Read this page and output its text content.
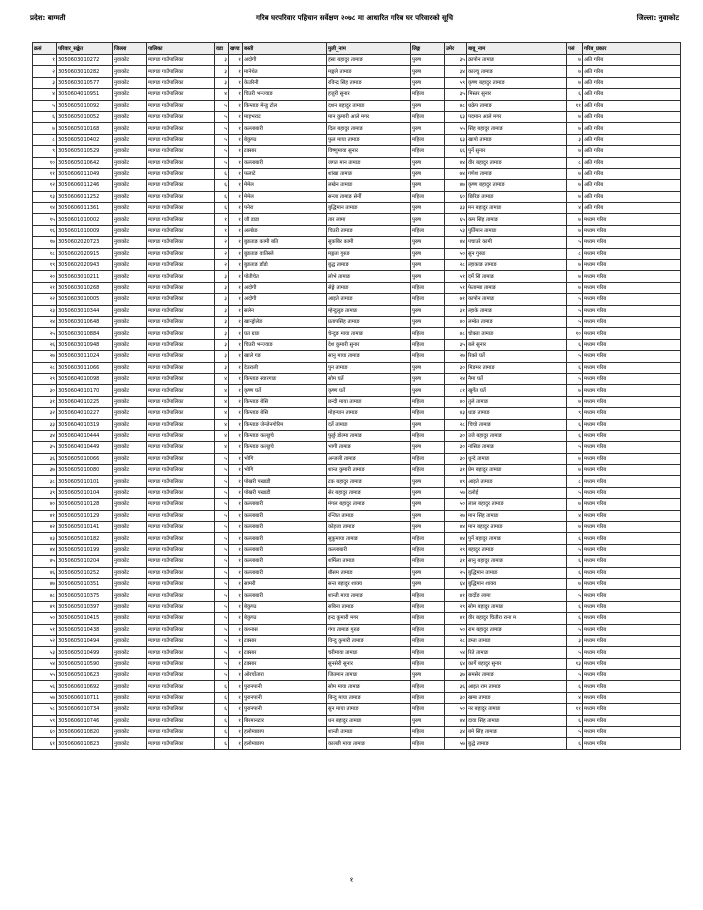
प्रदेश: बाग्मती	गरिब घरपरिवार पहिचान सर्वेक्षण २०७८ मा आधारित गरिब घर परिवारको सूचि	जिल्ला: नुवाकोट
क्रसं	परिवार_सङ्केत	जिल्ला	पालिका	वडा	खण्ड	बस्ती	मुली_नाम	लिङ्ग	उमेर	बाबु_नाम	पसं	गरिब_प्रकार
१	3050603010272	नुवाकोट	म्यागङ गाउँपालिका	३	१	अदोगी	हंसा बहादुर तामाङ	पुरुष	३५	क्रापोन तामाङ	७	अति गरिब
२	3050603010282	नुवाकोट	म्यागङ गाउँपालिका	३	१	मानेथेत	मङ्गले तामाङ	पुरुष	३४	काल्चु तामाङ	७	अति गरिब
३	3050603010577	नुवाकोट	म्यागङ गाउँपालिका	३	१	केउरिनी	रविन्द्र सिंह तामाङ	पुरुष	५९	कृष्ण बहादुर तामाङ	७	अति गरिब
४	3050604010951	नुवाकोट	म्यागङ गाउँपालिका	४	१	चिउरी भन्ज्याङ	हजुरी सुनार	महिला	३५	मिस्तर सुनार	६	अति गरिब
५	3050605010092	नुवाकोट	म्यागङ गाउँपालिका	५	१	किम्ताङ मेन्डु टोल	दशन बहादुर तामाङ	पुरुष	४८	धक्रेप तामाङ	११	अति गरिब
६	3050605010052	नुवाकोट	म्यागङ गाउँपालिका	५	१	माइभराट	मान कुमारी आले मगर	महिला	६३	पदमान आले मगर	७	अति गरिब
७	3050605010168	नुवाकोट	म्यागङ गाउँपालिका	५	१	कल्लाबारी	दिल बहादुर तामाङ	पुरुष	५५	सिंह बहादुर तामाङ	७	अति गरिब
८	3050605010402	नुवाकोट	म्यागङ गाउँपालिका	५	१	बेकुण्ठ	फुल माया तामाङ	महिला	६३	खापो तामाङ	३	अति गरिब
९	3050605010529	नुवाकोट	म्यागङ गाउँपालिका	५	१	टक्सार	विष्णुमाया सुनार	महिला	६६	पुर्ने सुनार	७	अति गरिब
१०	3050605010642	नुवाकोट	म्यागङ गाउँपालिका	५	१	कल्लाबारी	जगत मान तामाङ	पुरुष	४४	वीर बहादुर तामाङ	८	अति गरिब
११	3050606011049	नुवाकोट	म्यागङ गाउँपालिका	६	१	फलाटे	शांखा तामाङ	पुरुष	७४	गणेश तामाङ	७	अति गरिब
१२	3050606011246	नुवाकोट	म्यागङ गाउँपालिका	६	१	मेमेल	लखेन तामाङ	पुरुष	४७	कृष्ण बहादुर तामाङ	७	अति गरिब
१३	3050606011252	नुवाकोट	म्यागङ गाउँपालिका	६	१	मेमेल	सन्जा तामाङ सेर्नी	महिला	६०	छिरिङ तामाङ	७	अति गरिब
१४	3050606011361	नुवाकोट	म्यागङ गाउँपालिका	६	१	पनेरा	बुद्धिमान तामाङ	पुरुष	३३	मन बहादुर तामाङ	४	अति गरिब
१५	3050601010002	नुवाकोट	म्यागङ गाउँपालिका	१	१	जौ डाडा	तार लामा	पुरुष	६५	कम सिंह तामाङ	७	मध्यम गरिब
१६	3050601010009	नुवाकोट	म्यागङ गाउँपालिका	१	१	अल्छेङ	चिउरी तामाङ	महिला	५३	पुर्तिमान तामाङ	७	मध्यम गरिब
१७	3050602020723	नुवाकोट	म्यागङ गाउँपालिका	२	१	बुङताङ कामी बति	सुकबिर कामी	पुरुष	४४	पचाउरे कामी	५	मध्यम गरिब
१८	3050602020915	नुवाकोट	म्यागङ गाउँपालिका	२	१	बुङताङ वातिस्ले	मङ्गता गुरुङ	पुरुष	५०	सुन गुरुङ	८	मध्यम गरिब
१९	3050602020943	नुवाकोट	म्यागङ गाउँपालिका	२	१	बुङताङ डाँडो	बुद्ध तामाङ	पुरुष	२८	ल्हाकाङ तामाङ	७	मध्यम गरिब
२०	3050603010211	नुवाकोट	म्यागङ गाउँपालिका	३	१	पोतीचेत	लोभे तामाङ	पुरुष	५१	दर्मे सिं तामाङ	७	मध्यम गरिब
२१	3050603010268	नुवाकोट	म्यागङ गाउँपालिका	३	१	अदोगी	सेङ्गे तामाङ	महिला	५१	फेताम्बा तामाङ	७	मध्यम गरिब
२२	3050603010005	नुवाकोट	म्यागङ गाउँपालिका	३	१	अदोगी	आइते तामाङ	महिला	७१	कापोन तामाङ	५	मध्यम गरिब
२३	3050603010344	नुवाकोट	म्यागङ गाउँपालिका	३	१	सलेन	म्हेन्दुलुङ तामाङ	पुरुष	३१	ल्हाके तामाङ	५	मध्यम गरिब
२४	3050603010648	नुवाकोट	म्यागङ गाउँपालिका	३	१	खान्ड्रोलेङ	प्रतापसिंह तामाङ	पुरुष	४०	लम्बेत तामाङ	५	मध्यम गरिब
२५	3050603010884	नुवाकोट	म्यागङ गाउँपालिका	३	१	घत ग्राङ	चेन्दुङ माया तामाङ	महिला	४८	चोक्ता तामाङ	१०	मध्यम गरिब
२६	3050603010948	नुवाकोट	म्यागङ गाउँपालिका	३	१	चिउरी भन्ज्याङ	देश कुमारी सुनार	महिला	३५	बले सुनार	६	मध्यम गरिब
२७	3050603011024	नुवाकोट	म्यागङ गाउँपालिका	३	१	खाले गङ	सानु माया तामाङ	महिला	२७	रिक्ते घर्ते	५	मध्यम गरिब
२८	3050603011066	नुवाकोट	म्यागङ गाउँपालिका	३	१	देउराली	पुन तामाङ	पुरुष	३०	मिङमर तामाङ	६	मध्यम गरिब
२९	3050604010098	नुवाकोट	म्यागङ गाउँपालिका	४	१	किम्ताङ स्वारगाङ	सोम घर्ते	पुरुष	२४	नैमा घर्ते	५	मध्यम गरिब
३०	3050604010170	नुवाकोट	म्यागङ गाउँपालिका	४	१	कृष्ण घर्ते	कृष्ण घर्ते	पुरुष	८१	खुर्गेत घर्ते	७	मध्यम गरिब
३१	3050604010225	नुवाकोट	म्यागङ गाउँपालिका	४	१	किम्ताङ बेसि	छन्दी माया तामाङ	महिला	४०	तुले तामाङ	७	मध्यम गरिब
३२	3050604010227	नुवाकोट	म्यागङ गाउँपालिका	४	१	किम्ताङ बेसि	मोहन्यान तामाङ	महिला	४३	धाङ तामाङ	९	मध्यम गरिब
३३	3050604010319	नुवाकोट	म्यागङ गाउँपालिका	४	१	किम्ताङ जेन्जेनगोरिम	दर्ते तामाङ	पुरुष	२८	चिचो तामाङ	६	मध्यम गरिब
३४	3050604010444	नुवाकोट	म्यागङ गाउँपालिका	४	१	किम्ताङ कल्छुचे	फुर्छु डोल्मा तामाङ	महिला	३०	उजे बहादुर तामाङ	६	मध्यम गरिब
३५	3050604010449	नुवाकोट	म्यागङ गाउँपालिका	४	१	किम्ताङ कल्छुचे	भागी तामाङ	पुरुष	३०	नांसिङ तामाङ	५	मध्यम गरिब
३६	3050605010066	नुवाकोट	म्यागङ गाउँपालिका	५	१	भोगि	अन्जली तामाङ	महिला	३०	धुन्दे तामाङ	७	मध्यम गरिब
३७	3050605010080	नुवाकोट	म्यागङ गाउँपालिका	५	१	भोगि	शान्त कुमारी तामाङ	महिला	३१	प्रेम बहादुर तामाङ	७	मध्यम गरिब
३८	3050605010101	नुवाकोट	म्यागङ गाउँपालिका	५	१	पोखरी पखाडी	टक बहादुर तामाङ	पुरुष	४९	आइते तामाङ	८	मध्यम गरिब
३९	3050605010104	नुवाकोट	म्यागङ गाउँपालिका	५	१	पोखरी पखाडी	सेर बहादुर तामाङ	पुरुष	५७	दलोई	५	मध्यम गरिब
४०	3050605010128	नुवाकोट	म्यागङ गाउँपालिका	५	१	कल्लाबारी	मंगल बहादुर तामाङ	पुरुष	५०	लाल बहादुर तामाङ	७	मध्यम गरिब
४१	3050605010129	नुवाकोट	म्यागङ गाउँपालिका	५	१	कल्लाबारी	रन्जित तामाङ	पुरुष	२७	मान सिंह तामाङ	४	मध्यम गरिब
४२	3050605010141	नुवाकोट	म्यागङ गाउँपालिका	५	१	कल्लाबारी	कोइजा तामाङ	पुरुष	४४	मान बहादुर तामाङ	७	मध्यम गरिब
४३	3050605010182	नुवाकोट	म्यागङ गाउँपालिका	५	१	कल्लाबारी	सुकुमाया तामाङ	महिला	४४	पुर्ने बहादुर तामाङ	६	मध्यम गरिब
४४	3050605010199	नुवाकोट	म्यागङ गाउँपालिका	५	१	कल्लाबारी	कल्लाबारी	महिला	२९	बहादुर तामाङ	५	मध्यम गरिब
४५	3050605010204	नुवाकोट	म्यागङ गाउँपालिका	५	१	कल्लाबारी	शर्मिला तामाङ	महिला	३१	सानु बहादुर तामाङ	६	मध्यम गरिब
४६	3050605010252	नुवाकोट	म्यागङ गाउँपालिका	५	१	कल्लाबारी	बौसम तामाङ	पुरुष	२५	बुद्धिमान तामाङ	६	मध्यम गरिब
४७	3050605010351	नुवाकोट	म्यागङ गाउँपालिका	५	१	सामरी	सन्त बहादुर शाक्य	पुरुष	६४	बुद्धिमान शाक्य	७	मध्यम गरिब
४८	3050605010375	नुवाकोट	म्यागङ गाउँपालिका	५	१	कल्लाबारी	शान्ती माया तामाङ	महिला	४१	वार्दोङ लामा	५	मध्यम गरिब
४९	3050605010397	नुवाकोट	म्यागङ गाउँपालिका	५	१	बेकुण्ठ	सबिना तामाङ	महिला	२९	सोम बहादुर तामाङ	६	मध्यम गरिब
५०	3050605010415	नुवाकोट	म्यागङ गाउँपालिका	५	१	बेकुण्ठ	इन्द्र कुमारी मगर	महिला	४१	वीर बहादुर चितौरा राना म	६	मध्यम गरिब
५१	3050605010438	नुवाकोट	म्यागङ गाउँपालिका	५	१	कथ्नास	गंगा तामाङ गुरुङ	महिला	५०	राम बहादुर तामाङ	५	मध्यम गरिब
५२	3050605010494	नुवाकोट	म्यागङ गाउँपालिका	५	१	टक्सार	विन्दु कुमारी तामाङ	महिला	२८	डम्ता तामाङ	३	मध्यम गरिब
५३	3050605010499	नुवाकोट	म्यागङ गाउँपालिका	५	१	टक्सार	चरीमाया तामाङ	महिला	५४	रिते तामाङ	५	मध्यम गरिब
५४	3050605010590	नुवाकोट	म्यागङ गाउँपालिका	५	१	टक्सार	सुनसेरी सुनार	महिला	६४	कार्गे बहादुर सुनार	१३	मध्यम गरिब
५५	3050605010623	नुवाकोट	म्यागङ गाउँपालिका	५	१	ओरचोंतारा	जितमान तामाङ	पुरुष	३७	समसेर तामाङ	५	मध्यम गरिब
५६	3050606010692	नुवाकोट	म्यागङ गाउँपालिका	६	१	पुरानपानी	सोम माया तामाङ	महिला	३६	आइत राम तामाङ	६	मध्यम गरिब
५७	3050606010711	नुवाकोट	म्यागङ गाउँपालिका	६	१	पुरानपानी	बिन्दु माया तामाङ	महिला	३०	खम्ब तामाङ	४	मध्यम गरिब
५८	3050606010734	नुवाकोट	म्यागङ गाउँपालिका	६	१	पुरानपानी	सुन माया तामाङ	महिला	५०	नर बहादुर तामाङ	११	मध्यम गरिब
५९	3050606010746	नुवाकोट	म्यागङ गाउँपालिका	६	१	बिरमानटार	धन बहादुर तामाङ	पुरुष	४४	दावा सिंह तामाङ	६	मध्यम गरिब
६०	3050606010820	नुवाकोट	म्यागङ गाउँपालिका	६	१	हलोमाछाप	शान्ती तामाङ	महिला	३४	बमे सिंह तामाङ	५	मध्यम गरिब
६१	3050606010823	नुवाकोट	म्यागङ गाउँपालिका	६	१	हलोमाछाप	काल्छी माया तामाङ	महिला	५७	बुद्धे तामाङ	६	मध्यम गरिब
१
